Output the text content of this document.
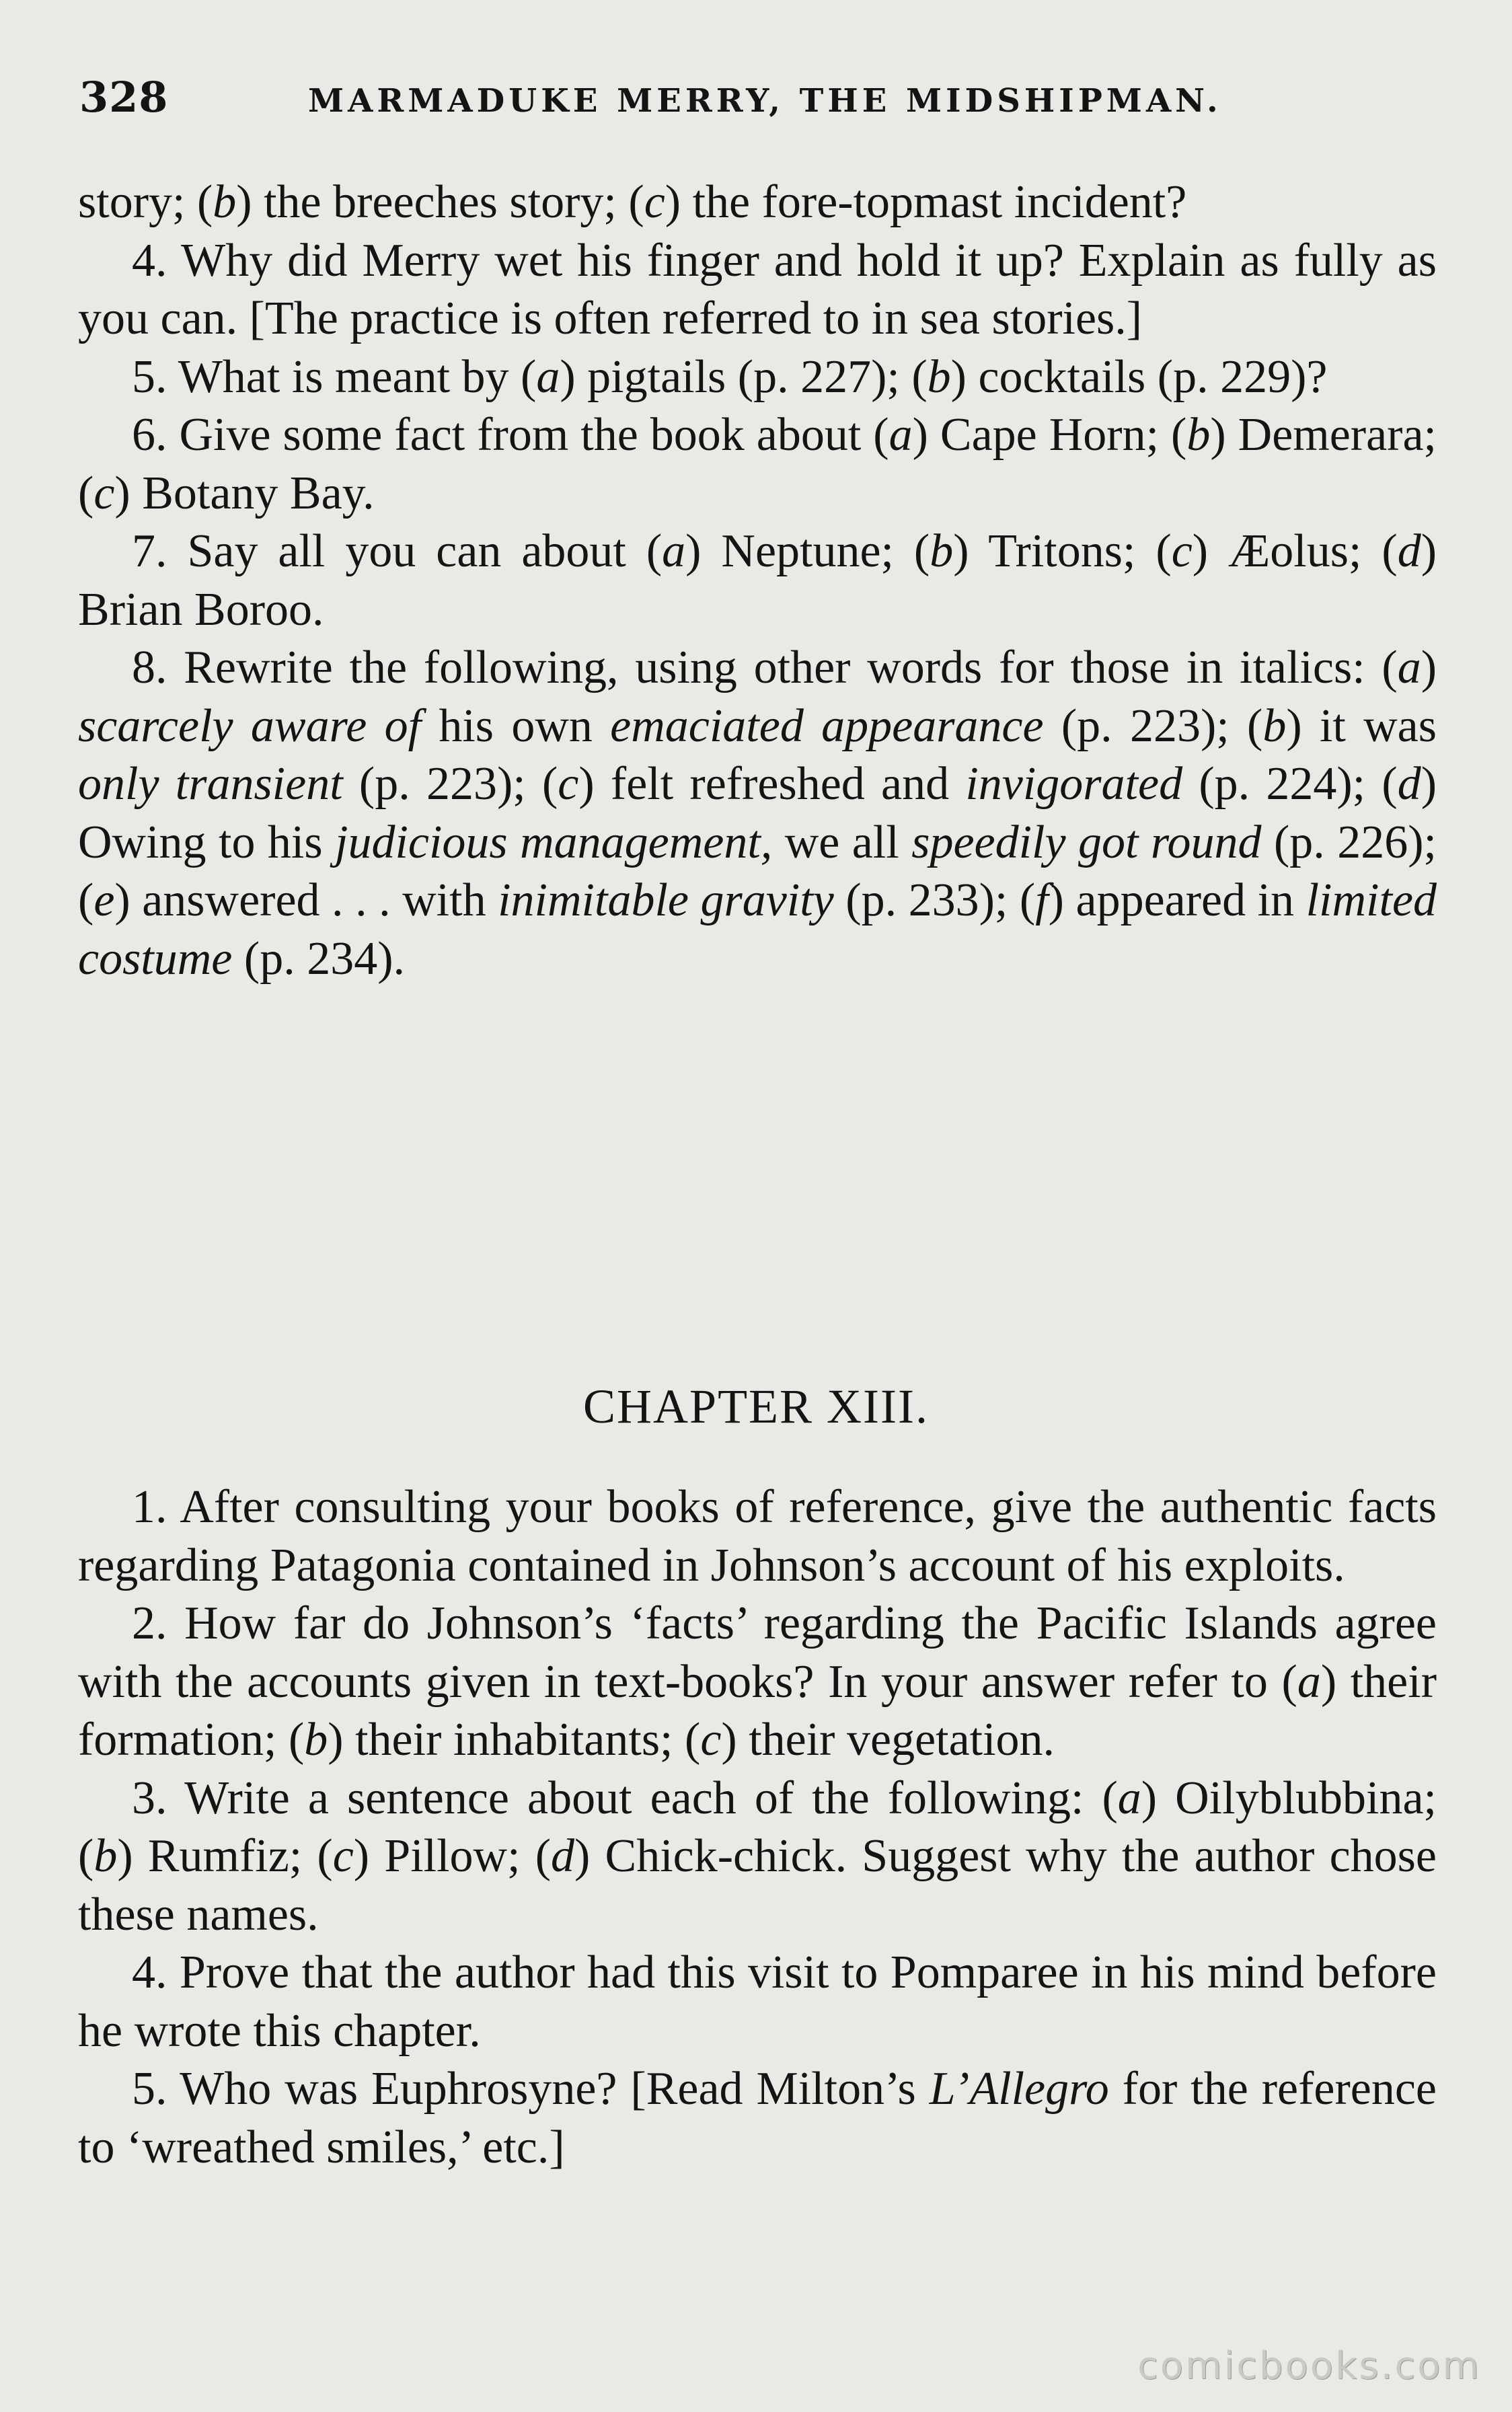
328	MARMADUKE MERRY, THE MIDSHIPMAN.

story; (b) the breeches story; (c) the fore-topmast incident?

4. Why did Merry wet his finger and hold it up? Explain as fully as you can. [The practice is often referred to in sea stories.]

5. What is meant by (a) pigtails (p. 227); (b) cocktails (p. 229)?

6. Give some fact from the book about (a) Cape Horn; (b) Demerara; (c) Botany Bay.

7. Say all you can about (a) Neptune; (b) Tritons; (c) Æolus; (d) Brian Boroo.

8. Rewrite the following, using other words for those in italics: (a) scarcely aware of his own emaciated appearance (p. 223); (b) it was only transient (p. 223); (c) felt refreshed and invigorated (p. 224); (d) Owing to his judicious management, we all speedily got round (p. 226); (e) answered . . . with inimitable gravity (p. 233); (f) appeared in limited costume (p. 234).

CHAPTER XIII.

1. After consulting your books of reference, give the authentic facts regarding Patagonia contained in Johnson’s account of his exploits.

2. How far do Johnson’s ‘facts’ regarding the Pacific Islands agree with the accounts given in text-books? In your answer refer to (a) their formation; (b) their inhabitants; (c) their vegetation.

3. Write a sentence about each of the following: (a) Oilyblubbina; (b) Rumfiz; (c) Pillow; (d) Chick-chick. Suggest why the author chose these names.

4. Prove that the author had this visit to Pomparee in his mind before he wrote this chapter.

5. Who was Euphrosyne? [Read Milton’s L’Allegro for the reference to ‘wreathed smiles,’ etc.]

comicbooks.com
